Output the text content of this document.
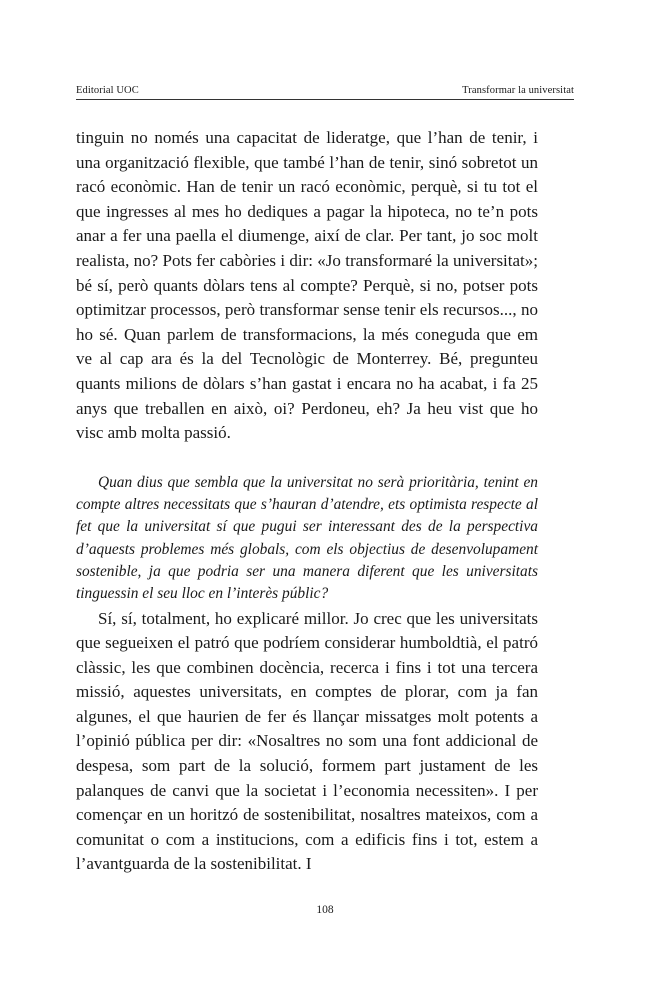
Editorial UOC	Transformar la universitat

tinguin no només una capacitat de lideratge, que l’han de tenir, i una organització flexible, que també l’han de tenir, sinó sobretot un racó econòmic. Han de tenir un racó econòmic, perquè, si tu tot el que ingresses al mes ho dediques a pagar la hipoteca, no te’n pots anar a fer una paella el diumenge, així de clar. Per tant, jo soc molt realista, no? Pots fer cabòries i dir: «Jo transformaré la universitat»; bé sí, però quants dòlars tens al compte? Perquè, si no, potser pots optimitzar processos, però transformar sense tenir els recursos..., no ho sé. Quan parlem de transformacions, la més coneguda que em ve al cap ara és la del Tecnològic de Monterrey. Bé, pregunteu quants milions de dòlars s’han gastat i encara no ha acabat, i fa 25 anys que treballen en això, oi? Perdoneu, eh? Ja heu vist que ho visc amb molta passió.

Quan dius que sembla que la universitat no serà prioritària, tenint en compte altres necessitats que s’hauran d’atendre, ets optimista respecte al fet que la universitat sí que pugui ser interessant des de la perspectiva d’aquests problemes més globals, com els objectius de desenvolupament sostenible, ja que podria ser una manera diferent que les universitats tinguessin el seu lloc en l’interès públic?

Sí, sí, totalment, ho explicaré millor. Jo crec que les universitats que segueixen el patró que podríem considerar humboldtià, el patró clàssic, les que combinen docència, recerca i fins i tot una tercera missió, aquestes universitats, en comptes de plorar, com ja fan algunes, el que haurien de fer és llançar missatges molt potents a l’opinió pública per dir: «Nosaltres no som una font addicional de despesa, som part de la solució, formem part justament de les palanques de canvi que la societat i l’economia necessiten». I per començar en un horitzó de sostenibilitat, nosaltres mateixos, com a comunitat o com a institucions, com a edificis fins i tot, estem a l’avantguarda de la sostenibilitat. I

108
